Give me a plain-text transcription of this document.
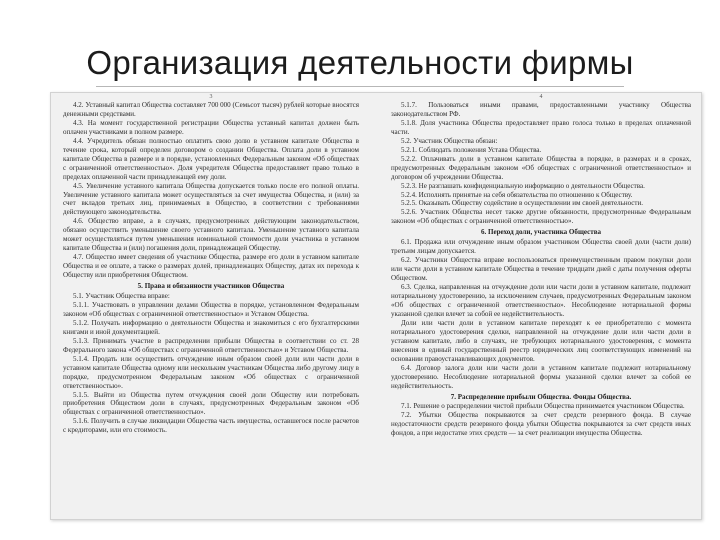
Организация деятельности фирмы
3

4.2. Уставный капитал Общества составляет 700 000 (Семьсот тысяч) рублей которые вносятся денежными средствами.

4.3. На момент государственной регистрации Общества уставный капитал должен быть оплачен участниками в полном размере.

4.4. Учредитель обязан полностью оплатить свою долю в уставном капитале Общества в течение срока, который определен договором о создании Общества. Оплата доли в уставном капитале Общества в размере и в порядке, установленных Федеральным законом «Об обществах с ограниченной ответственностью». Доля учредителя Общества предоставляет право только в пределах оплаченной части принадлежащей ему доли.

4.5. Увеличение уставного капитала Общества допускается только после его полной оплаты. Увеличение уставного капитала может осуществляться за счет имущества Общества, и (или) за счет вкладов третьих лиц, принимаемых в Общество, в соответствии с требованиями действующего законодательства.

4.6. Общество вправе, а в случаях, предусмотренных действующим законодательством, обязано осуществить уменьшение своего уставного капитала. Уменьшение уставного капитала может осуществляться путем уменьшения номинальной стоимости доли участника в уставном капитале Общества и (или) погашения доли, принадлежащей Обществу.

4.7. Общество имеет сведения об участнике Общества, размере его доли в уставном капитале Общества и ее оплате, а также о размерах долей, принадлежащих Обществу, датах их перехода к Обществу или приобретения Обществом.

5. Права и обязанности участников Общества

5.1. Участник Общества вправе:

5.1.1. Участвовать в управлении делами Общества в порядке, установленном Федеральным законом «Об обществах с ограниченной ответственностью» и Уставом Общества.

5.1.2. Получать информацию о деятельности Общества и знакомиться с его бухгалтерскими книгами и иной документацией.

5.1.3. Принимать участие в распределении прибыли Общества в соответствии со ст. 28 Федерального закона «Об обществах с ограниченной ответственностью» и Уставом Общества.

5.1.4. Продать или осуществить отчуждение иным образом своей доли или части доли в уставном капитале Общества одному или нескольким участникам Общества либо другому лицу в порядке, предусмотренном Федеральным законом «Об обществах с ограниченной ответственностью».

5.1.5. Выйти из Общества путем отчуждения своей доли Обществу или потребовать приобретения Обществом доли в случаях, предусмотренных Федеральным законом «Об обществах с ограниченной ответственностью».

5.1.6. Получить в случае ликвидации Общества часть имущества, оставшегося после расчетов с кредиторами, или его стоимость.

4

5.1.7. Пользоваться иными правами, предоставленными участнику Общества законодательством РФ.

5.1.8. Доля участника Общества предоставляет право голоса только в пределах оплаченной части.

5.2. Участник Общества обязан:

5.2.1. Соблюдать положения Устава Общества.

5.2.2. Оплачивать доли в уставном капитале Общества в порядке, в размерах и в сроках, предусмотренных Федеральным законом «Об обществах с ограниченной ответственностью» и договором об учреждении Общества.

5.2.3. Не разглашать конфиденциальную информацию о деятельности Общества.

5.2.4. Исполнять принятые на себя обязательства по отношению к Обществу.

5.2.5. Оказывать Обществу содействие в осуществлении им своей деятельности.

5.2.6. Участник Общества несет также другие обязанности, предусмотренные Федеральным законом «Об обществах с ограниченной ответственностью».

6. Переход доли, участника Общества

6.1. Продажа или отчуждение иным образом участником Общества своей доли (части доли) третьим лицам допускается.

6.2. Участники Общества вправе воспользоваться преимущественным правом покупки доли или части доли в уставном капитале Общества в течение тридцати дней с даты получения оферты Обществом.

6.3. Сделка, направленная на отчуждение доли или части доли в уставном капитале, подлежит нотариальному удостоверению, за исключением случаев, предусмотренных Федеральным законом «Об обществах с ограниченной ответственностью». Несоблюдение нотариальной формы указанной сделки влечет за собой ее недействительность.

Доли или части доли в уставном капитале переходят к ее приобретателю с момента нотариального удостоверения сделки, направленной на отчуждение доли или части доли в уставном капитале, либо в случаях, не требующих нотариального удостоверения, с момента внесения в единый государственный реестр юридических лиц соответствующих изменений на основании правоустанавливающих документов.

6.4. Договор залога доли или части доли в уставном капитале подлежит нотариальному удостоверению. Несоблюдение нотариальной формы указанной сделки влечет за собой ее недействительность.

7. Распределение прибыли Общества. Фонды Общества.

7.1. Решение о распределении чистой прибыли Общества принимается участником Общества.

7.2. Убытки Общества покрываются за счет средств резервного фонда. В случае недостаточности средств резервного фонда убытки Общества покрываются за счет средств иных фондов, а при недостатке этих средств — за счет реализации имущества Общества.
